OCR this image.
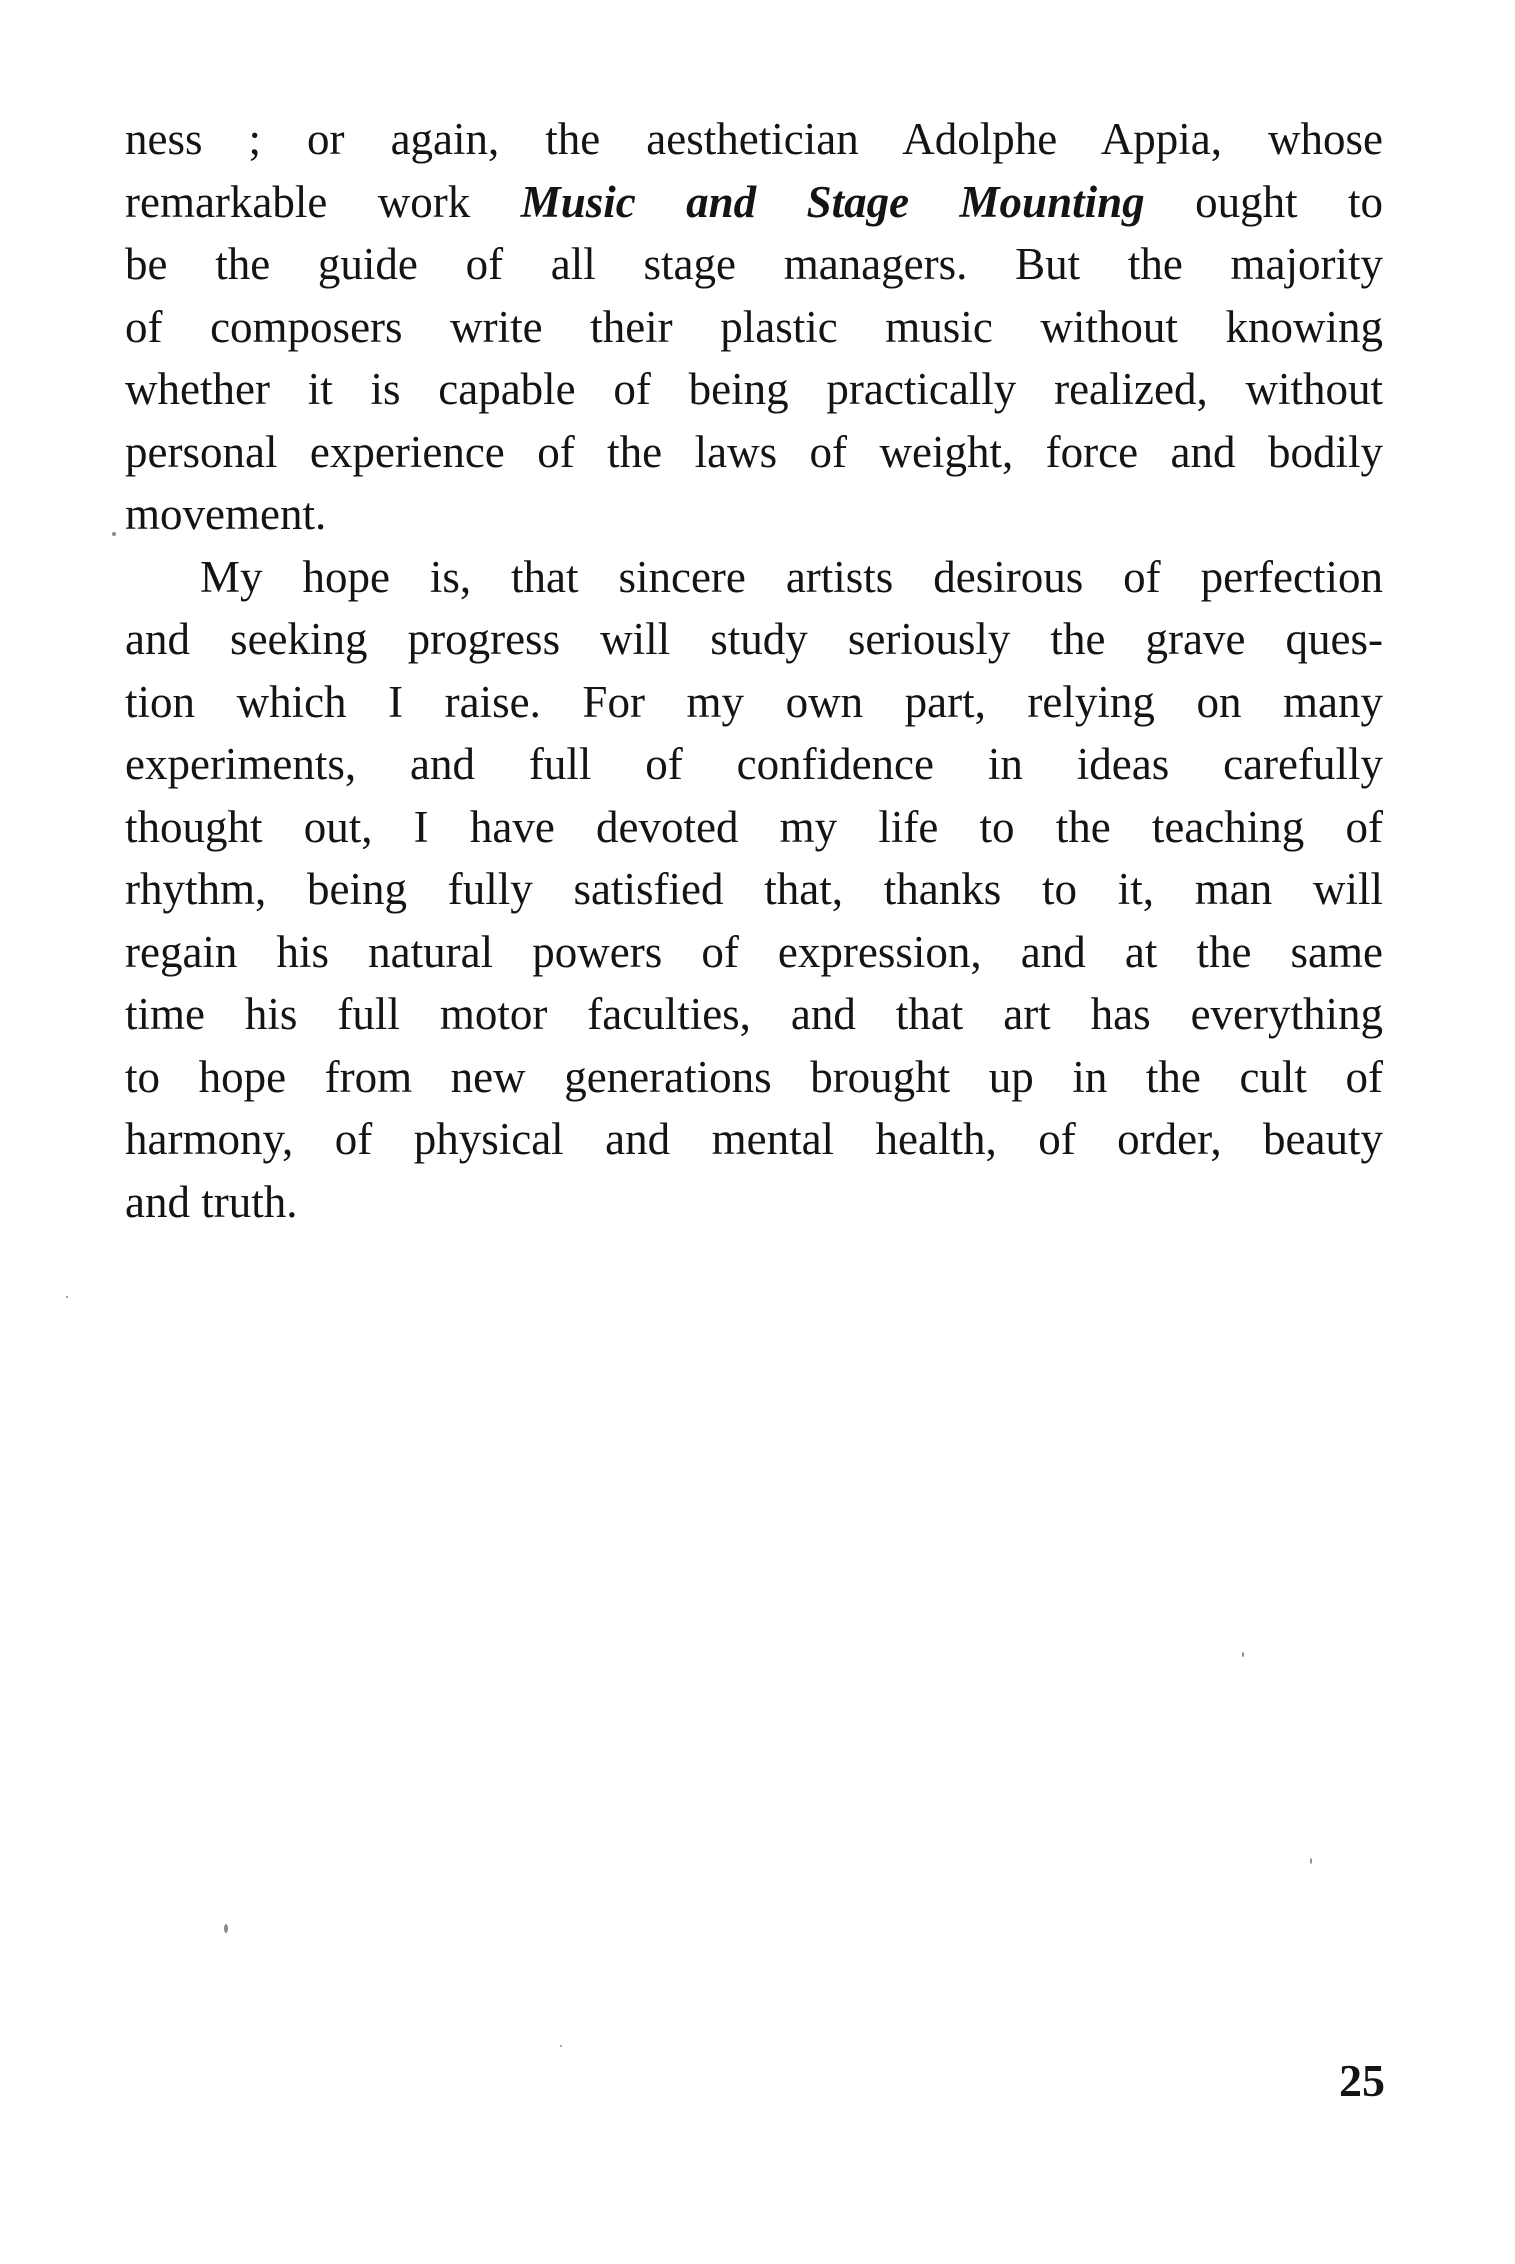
ness ; or again, the aesthetician Adolphe Appia, whose
remarkable work Music and Stage Mounting ought to
be the guide of all stage managers. But the majority
of composers write their plastic music without knowing
whether it is capable of being practically realized, without
personal experience of the laws of weight, force and bodily
movement.
My hope is, that sincere artists desirous of perfection
and seeking progress will study seriously the grave ques-
tion which I raise. For my own part, relying on many
experiments, and full of confidence in ideas carefully
thought out, I have devoted my life to the teaching of
rhythm, being fully satisfied that, thanks to it, man will
regain his natural powers of expression, and at the same
time his full motor faculties, and that art has everything
to hope from new generations brought up in the cult of
harmony, of physical and mental health, of order, beauty
and truth.
25
